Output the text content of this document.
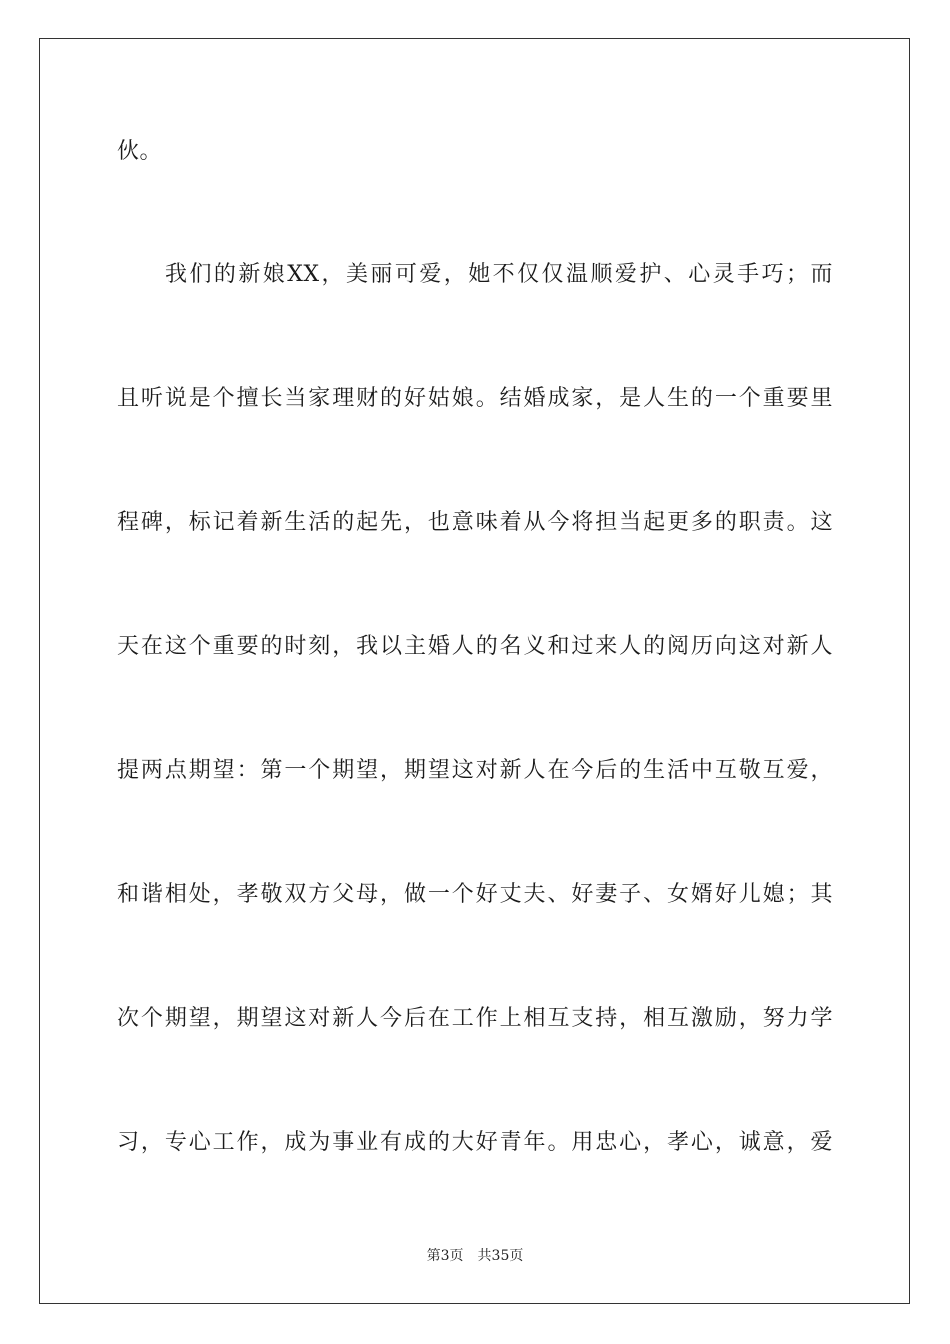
伙。
我们的新娘XX，美丽可爱，她不仅仅温顺爱护、心灵手巧；而
且听说是个擅长当家理财的好姑娘。结婚成家，是人生的一个重要里
程碑，标记着新生活的起先，也意味着从今将担当起更多的职责。这
天在这个重要的时刻，我以主婚人的名义和过来人的阅历向这对新人
提两点期望：第一个期望，期望这对新人在今后的生活中互敬互爱，
和谐相处，孝敬双方父母，做一个好丈夫、好妻子、女婿好儿媳；其
次个期望，期望这对新人今后在工作上相互支持，相互激励，努力学
习，专心工作，成为事业有成的大好青年。用忠心，孝心，诚意，爱
第3页　共35页
